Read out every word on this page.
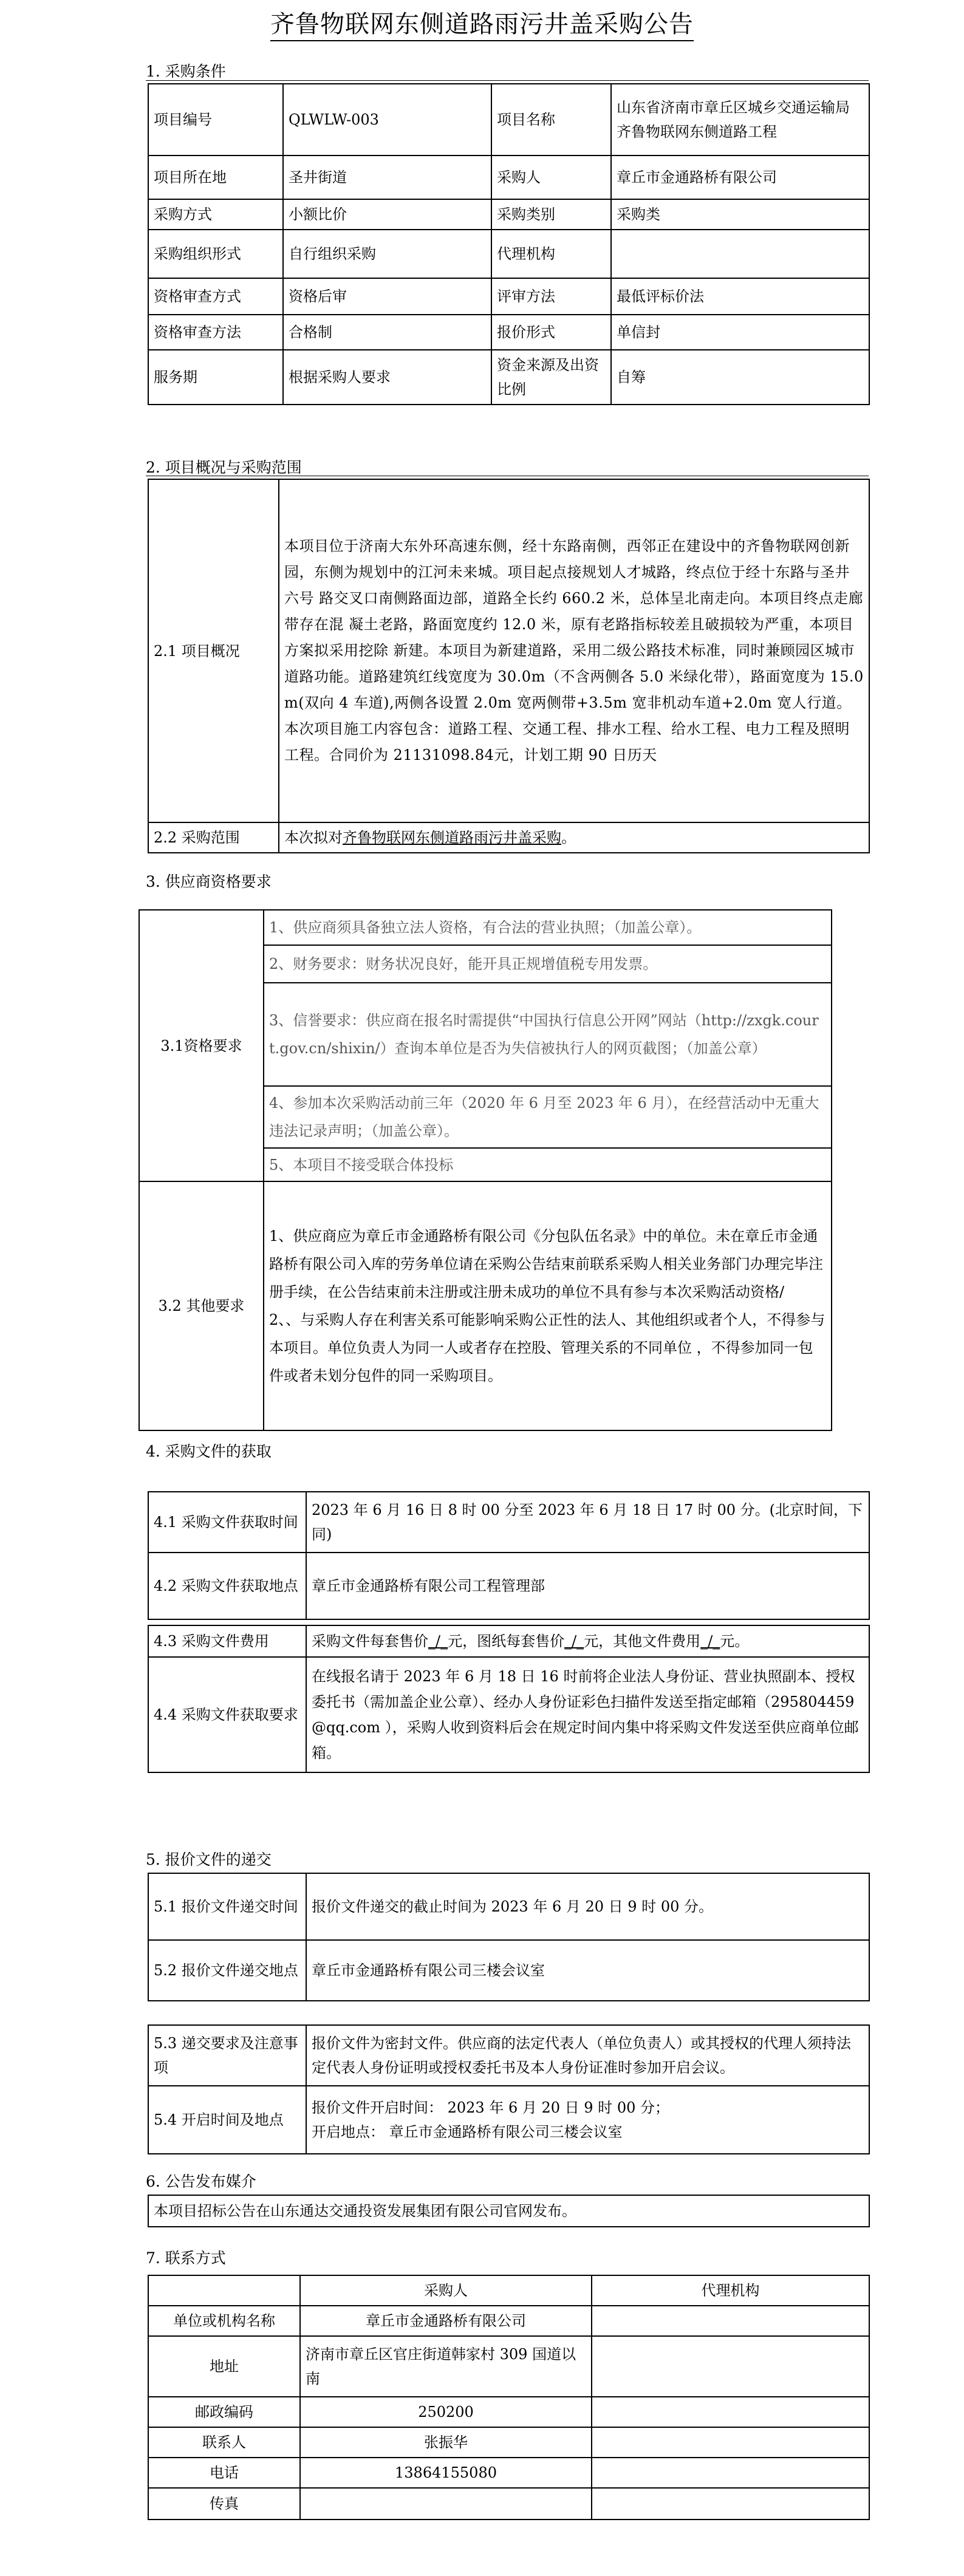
齐鲁物联网东侧道路雨污井盖采购公告
1. 采购条件
项目编号	QLWLW-003	项目名称	山东省济南市章丘区城乡交通运输局齐鲁物联网东侧道路工程
项目所在地	圣井街道	采购人	章丘市金通路桥有限公司
采购方式	小额比价	采购类别	采购类
采购组织形式	自行组织采购	代理机构	
资格审查方式	资格后审	评审方法	最低评标价法
资格审查方法	合格制	报价形式	单信封
服务期	根据采购人要求	资金来源及出资比例	自筹
2. 项目概况与采购范围
2.1 项目概况	本项目位于济南大东外环高速东侧，经十东路南侧，西邻正在建设中的齐鲁物联网创新园，东侧为规划中的江河未来城。项目起点接规划人才城路，终点位于经十东路与圣井六号 路交叉口南侧路面边部，道路全长约 660.2 米，总体呈北南走向。本项目终点走廊带存在混 凝土老路，路面宽度约 12.0 米，原有老路指标较差且破损较为严重，本项目方案拟采用挖除 新建。本项目为新建道路，采用二级公路技术标准，同时兼顾园区城市道路功能。道路建筑红线宽度为 30.0m（不含两侧各 5.0 米绿化带），路面宽度为 15.0m(双向 4 车道),两侧各设置 2.0m 宽两侧带+3.5m 宽非机动车道+2.0m 宽人行道。 本次项目施工内容包含：道路工程、交通工程、排水工程、给水工程、电力工程及照明工程。合同价为 21131098.84元，计划工期 90 日历天
2.2 采购范围	本次拟对齐鲁物联网东侧道路雨污井盖采购。
3. 供应商资格要求
3.1资格要求	1、供应商须具备独立法人资格，有合法的营业执照；（加盖公章）。
	2、财务要求：财务状况良好，能开具正规增值税专用发票。
	3、信誉要求：供应商在报名时需提供“中国执行信息公开网”网站（http://zxgk.court.gov.cn/shixin/）查询本单位是否为失信被执行人的网页截图；（加盖公章）
	4、参加本次采购活动前三年（2020 年 6 月至 2023 年 6 月），在经营活动中无重大违法记录声明；（加盖公章）。
	5、本项目不接受联合体投标
3.2 其他要求	1、供应商应为章丘市金通路桥有限公司《分包队伍名录》中的单位。未在章丘市金通路桥有限公司入库的劳务单位请在采购公告结束前联系采购人相关业务部门办理完毕注册手续，在公告结束前未注册或注册未成功的单位不具有参与本次采购活动资格/

2、、与采购人存在利害关系可能影响采购公正性的法人、其他组织或者个人，不得参与本项目。单位负责人为同一人或者存在控股、管理关系的不同单位 ，不得参加同一包件或者未划分包件的同一采购项目。

4. 采购文件的获取
4.1 采购文件获取时间	2023 年 6 月 16 日 8 时 00 分至 2023 年 6 月 18 日 17 时 00 分。(北京时间，下同)
4.2 采购文件获取地点	章丘市金通路桥有限公司工程管理部
4.3 采购文件费用	采购文件每套售价_/_元，图纸每套售价_/_元，其他文件费用_/_元。
4.4 采购文件获取要求	在线报名请于 2023 年 6 月 18 日 16 时前将企业法人身份证、营业执照副本、授权委托书（需加盖企业公章）、经办人身份证彩色扫描件发送至指定邮箱（295804459@qq.com ），采购人收到资料后会在规定时间内集中将采购文件发送至供应商单位邮箱。
5. 报价文件的递交
5.1 报价文件递交时间	报价文件递交的截止时间为 2023 年 6 月 20 日 9 时 00 分。
5.2 报价文件递交地点	章丘市金通路桥有限公司三楼会议室
5.3 递交要求及注意事项	报价文件为密封文件。供应商的法定代表人（单位负责人）或其授权的代理人须持法定代表人身份证明或授权委托书及本人身份证准时参加开启会议。
5.4 开启时间及地点	报价文件开启时间： 2023 年 6 月 20 日 9 时 00 分；

开启地点： 章丘市金通路桥有限公司三楼会议室

6. 公告发布媒介
本项目招标公告在山东通达交通投资发展集团有限公司官网发布。
7. 联系方式
	采购人	代理机构
单位或机构名称	章丘市金通路桥有限公司	
地址	济南市章丘区官庄街道韩家村 309 国道以南	
邮政编码	250200	
联系人	张振华	
电话	13864155080	
传真		
